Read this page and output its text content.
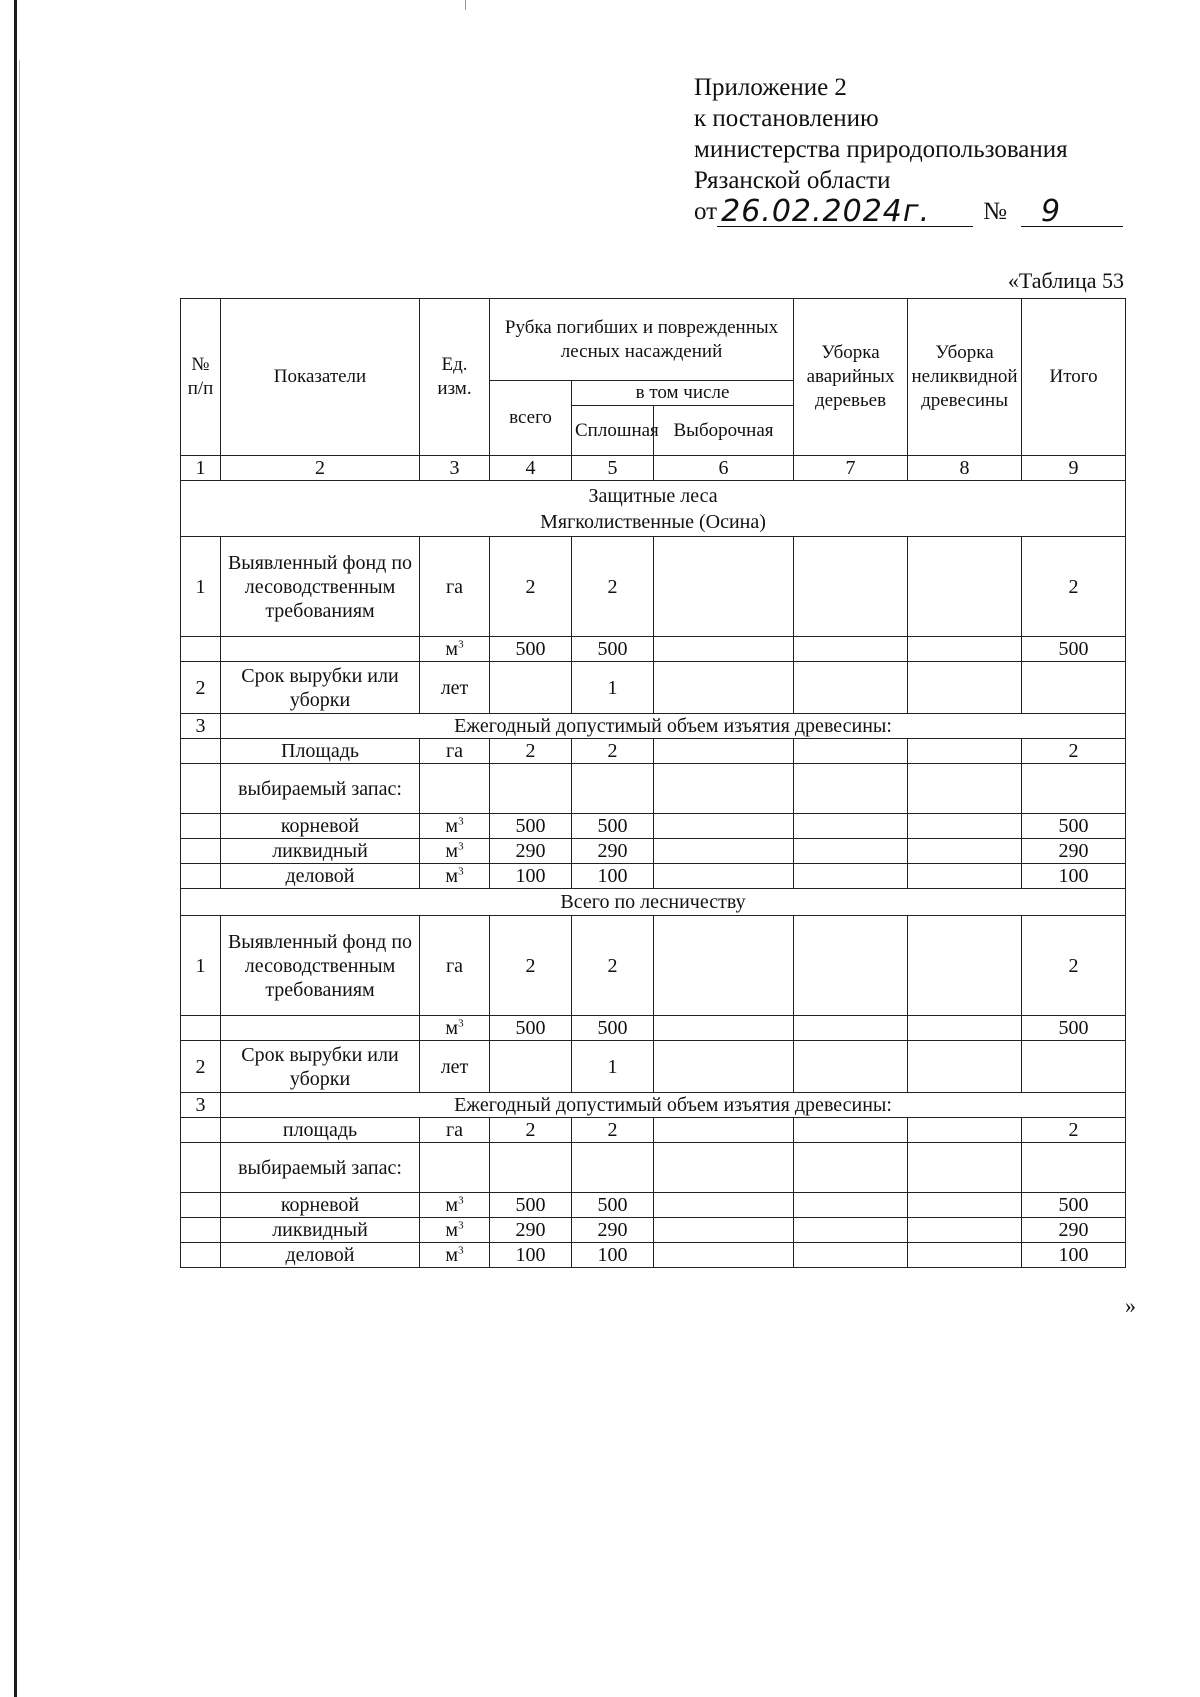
Приложение 2
к постановлению
министерства природопользования
Рязанской области
от 26.02.2024г.	№	9
«Таблица 53
№ п/п	Показатели	Ед. изм.	Рубка погибших и поврежденных лесных насаждений			Уборка аварийных деревьев	Уборка неликвидной древесины	Итого
			всего	в том числе				
				Сплошная	Выборочная			
1	2	3	4	5	6	7	8	9

Защитные леса
Мягколиственные (Осина)								

1	Выявленный фонд по лесоводственным требованиям	га	2	2				2
		$м^3$	500	500				500
2	Срок вырубки или уборки	лет		1				
3	Ежегодный допустимый объем изъятия древесины:							
	Площадь	га	2	2				2
	выбираемый запас:							
	корневой	$м^3$	500	500				500
	ликвидный	$м^3$	290	290				290
	деловой	$м^3$	100	100				100
Всего по лесничеству								
1	Выявленный фонд по лесоводственным требованиям	га	2	2				2
		$м^3$	500	500				500
2	Срок вырубки или уборки	лет		1				
3	Ежегодный допустимый объем изъятия древесины:							
	площадь	га	2	2				2
	выбираемый запас:							
	корневой	$м^3$	500	500				500
	ликвидный	$м^3$	290	290				290
	деловой	$м^3$	100	100				100
»
